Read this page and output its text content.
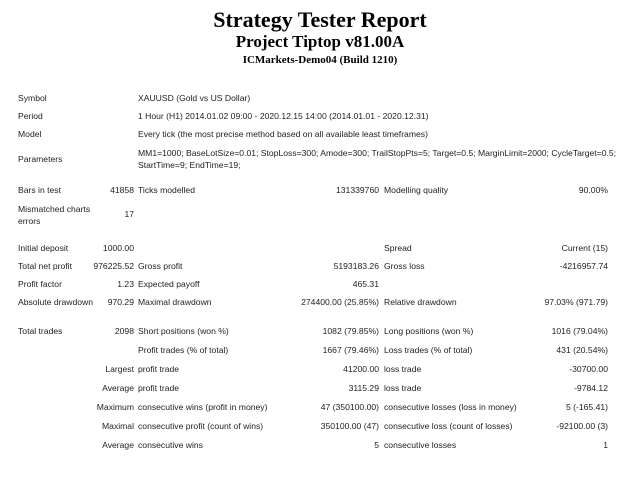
Strategy Tester Report
Project Tiptop v81.00A
ICMarkets-Demo04 (Build 1210)
Symbol	XAUUSD (Gold vs US Dollar)
Period	1 Hour (H1) 2014.01.02 09:00 - 2020.12.15 14:00 (2014.01.01 - 2020.12.31)
Model	Every tick (the most precise method based on all available least timeframes)
Parameters
MM1=1000; BaseLotSize=0.01; StopLoss=300; Amode=300; TrailStopPts=5; Target=0.5; MarginLimit=2000; CycleTarget=0.5; StartTime=9; EndTime=19;
Bars in test	41858 Ticks modelled	131339760 Modelling quality	90.00%
Mismatched charts errors
17
Initial deposit	1000.00	Spread	Current (15)
Total net profit 976225.52 Gross profit	5193183.26 Gross loss	-4216957.74
Profit factor	1.23 Expected payoff	465.31
Absolute drawdown 970.29 Maximal drawdown	274400.00 (25.85%) Relative drawdown	97.03% (971.79)
Total trades	2098 Short positions (won %)	1082 (79.85%) Long positions (won %)	1016 (79.04%)
Profit trades (% of total)	1667 (79.46%) Loss trades (% of total)	431 (20.54%)
Largest profit trade	41200.00 loss trade	-30700.00
Average profit trade	3115.29 loss trade	-9784.12
Maximum consecutive wins (profit in money)	47 (350100.00) consecutive losses (loss in money)	5 (-165.41)
Maximal consecutive profit (count of wins)	350100.00 (47) consecutive loss (count of losses)	-92100.00 (3)
Average consecutive wins	5 consecutive losses	1
